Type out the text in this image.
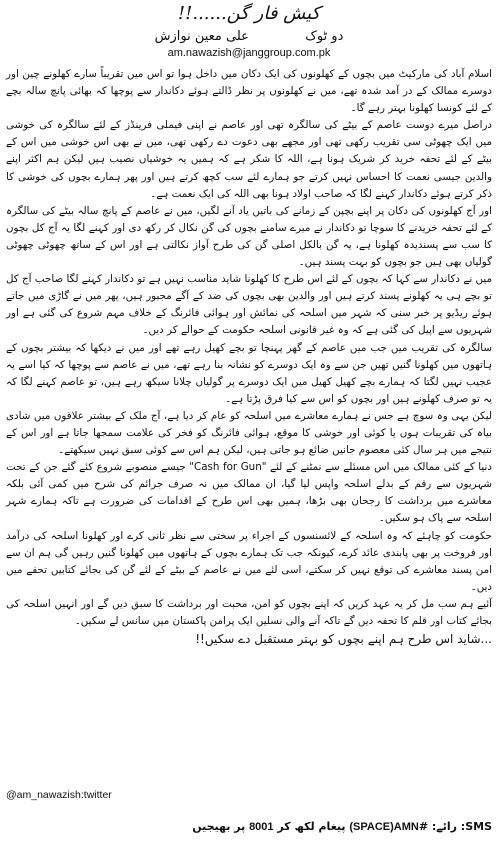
کیش فار گن......!!
دو ٹوک  علی معین نوازش
am.nawazish@janggroup.com.pk

اسلام آباد کی مارکیٹ میں بچوں کے کھلونوں کی ایک دکان میں داخل ہوا تو اس میں تقریباً سارے کھلونے چین اور دوسرے ممالک کے در آمد شدہ تھے، میں نے کھلونوں پر نظر ڈالتے ہوئے دکاندار سے پوچھا کہ بھائی پانچ سالہ بچے کے لئے کونسا کھلونا بہتر رہے گا۔

دراصل میرے دوست عاصم کے بیٹے کی سالگرہ تھی اور عاصم نے اپنی فیملی فرینڈز کے لئے سالگرہ کی خوشی میں ایک چھوٹی سی تقریب رکھی تھی اور مجھے بھی دعوت دے رکھی تھی، میں نے بھی اس خوشی میں اس کے بیٹے کے لئے تحفہ خرید کر شریک ہونا ہے، اللہ کا شکر ہے کہ ہمیں یہ خوشیاں نصیب ہیں لیکن ہم اکثر اپنے والدین جیسی نعمت کا احساس نہیں کرتے جو ہمارے لئے سب کچھ کرتے ہیں اور پھر ہمارے بچوں کی خوشی کا ذکر کرتے ہوئے دکاندار کہنے لگا کہ صاحب اولاد ہونا بھی اللہ کی ایک نعمت ہے۔

اور آج کھلونوں کی دکان پر اپنے بچپن کے زمانے کی باتیں یاد آنے لگیں، میں نے عاصم کے پانچ سالہ بیٹے کی سالگرہ کے لئے تحفہ خریدنے کا سوچا تو دکاندار نے میرے سامنے بچوں کی گن نکال کر رکھ دی اور کہنے لگا یہ آج کل بچوں کا سب سے پسندیدہ کھلونا ہے، یہ گن بالکل اصلی گن کی طرح آواز نکالتی ہے اور اس کے ساتھ چھوٹی چھوٹی گولیاں بھی ہیں جو بچوں کو بہت پسند ہیں۔

میں نے دکاندار سے کہا کہ بچوں کے لئے اس طرح کا کھلونا شاید مناسب نہیں ہے تو دکاندار کہنے لگا صاحب آج کل تو بچے ہی یہ کھلونے پسند کرتے ہیں اور والدین بھی بچوں کی ضد کے آگے مجبور ہیں، پھر میں نے گاڑی میں جاتے ہوئے ریڈیو پر خبر سنی کہ شہر میں اسلحہ کی نمائش اور ہوائی فائرنگ کے خلاف مہم شروع کی گئی ہے اور شہریوں سے اپیل کی گئی ہے کہ وہ غیر قانونی اسلحہ حکومت کے حوالے کر دیں۔

سالگرہ کی تقریب میں جب میں عاصم کے گھر پہنچا تو بچے کھیل رہے تھے اور میں نے دیکھا کہ بیشتر بچوں کے ہاتھوں میں کھلونا گنیں تھیں جن سے وہ ایک دوسرے کو نشانہ بنا رہے تھے، میں نے عاصم سے پوچھا کہ کیا اسے یہ عجیب نہیں لگتا کہ ہمارے بچے کھیل کھیل میں ایک دوسرے پر گولیاں چلانا سیکھ رہے ہیں، تو عاصم کہنے لگا کہ یہ تو صرف کھلونے ہیں اور بچوں کو اس سے کیا فرق پڑتا ہے۔

لیکن یہی وہ سوچ ہے جس نے ہمارے معاشرے میں اسلحہ کو عام کر دیا ہے، آج ملک کے بیشتر علاقوں میں شادی بیاہ کی تقریبات ہوں یا کوئی اور خوشی کا موقع، ہوائی فائرنگ کو فخر کی علامت سمجھا جاتا ہے اور اس کے نتیجے میں ہر سال کئی معصوم جانیں ضائع ہو جاتی ہیں، لیکن ہم اس سے کوئی سبق نہیں سیکھتے۔

دنیا کے کئی ممالک میں اس مسئلے سے نمٹنے کے لئے "Cash for Gun" جیسے منصوبے شروع کئے گئے جن کے تحت شہریوں سے رقم کے بدلے اسلحہ واپس لیا گیا، ان ممالک میں نہ صرف جرائم کی شرح میں کمی آئی بلکہ معاشرے میں برداشت کا رجحان بھی بڑھا، ہمیں بھی اس طرح کے اقدامات کی ضرورت ہے تاکہ ہمارے شہر اسلحہ سے پاک ہو سکیں۔

حکومت کو چاہئے کہ وہ اسلحہ کے لائسنسوں کے اجراء پر سختی سے نظر ثانی کرے اور کھلونا اسلحہ کی درآمد اور فروخت پر بھی پابندی عائد کرے، کیونکہ جب تک ہمارے بچوں کے ہاتھوں میں کھلونا گنیں رہیں گی ہم ان سے امن پسند معاشرے کی توقع نہیں کر سکتے، اسی لئے میں نے عاصم کے بیٹے کے لئے گن کی بجائے کتابیں تحفے میں دیں۔

آئیے ہم سب مل کر یہ عہد کریں کہ اپنے بچوں کو امن، محبت اور برداشت کا سبق دیں گے اور انہیں اسلحہ کی بجائے کتاب اور قلم کا تحفہ دیں گے تاکہ آنے والی نسلیں ایک پرامن پاکستان میں سانس لے سکیں۔

...شاید اس طرح ہم اپنے بچوں کو بہتر مستقبل دے سکیں!!
@am_nawazish:twitter
SMS: رائے: #(SPACE)AMN پیغام لکھ کر 8001 پر بھیجیں
